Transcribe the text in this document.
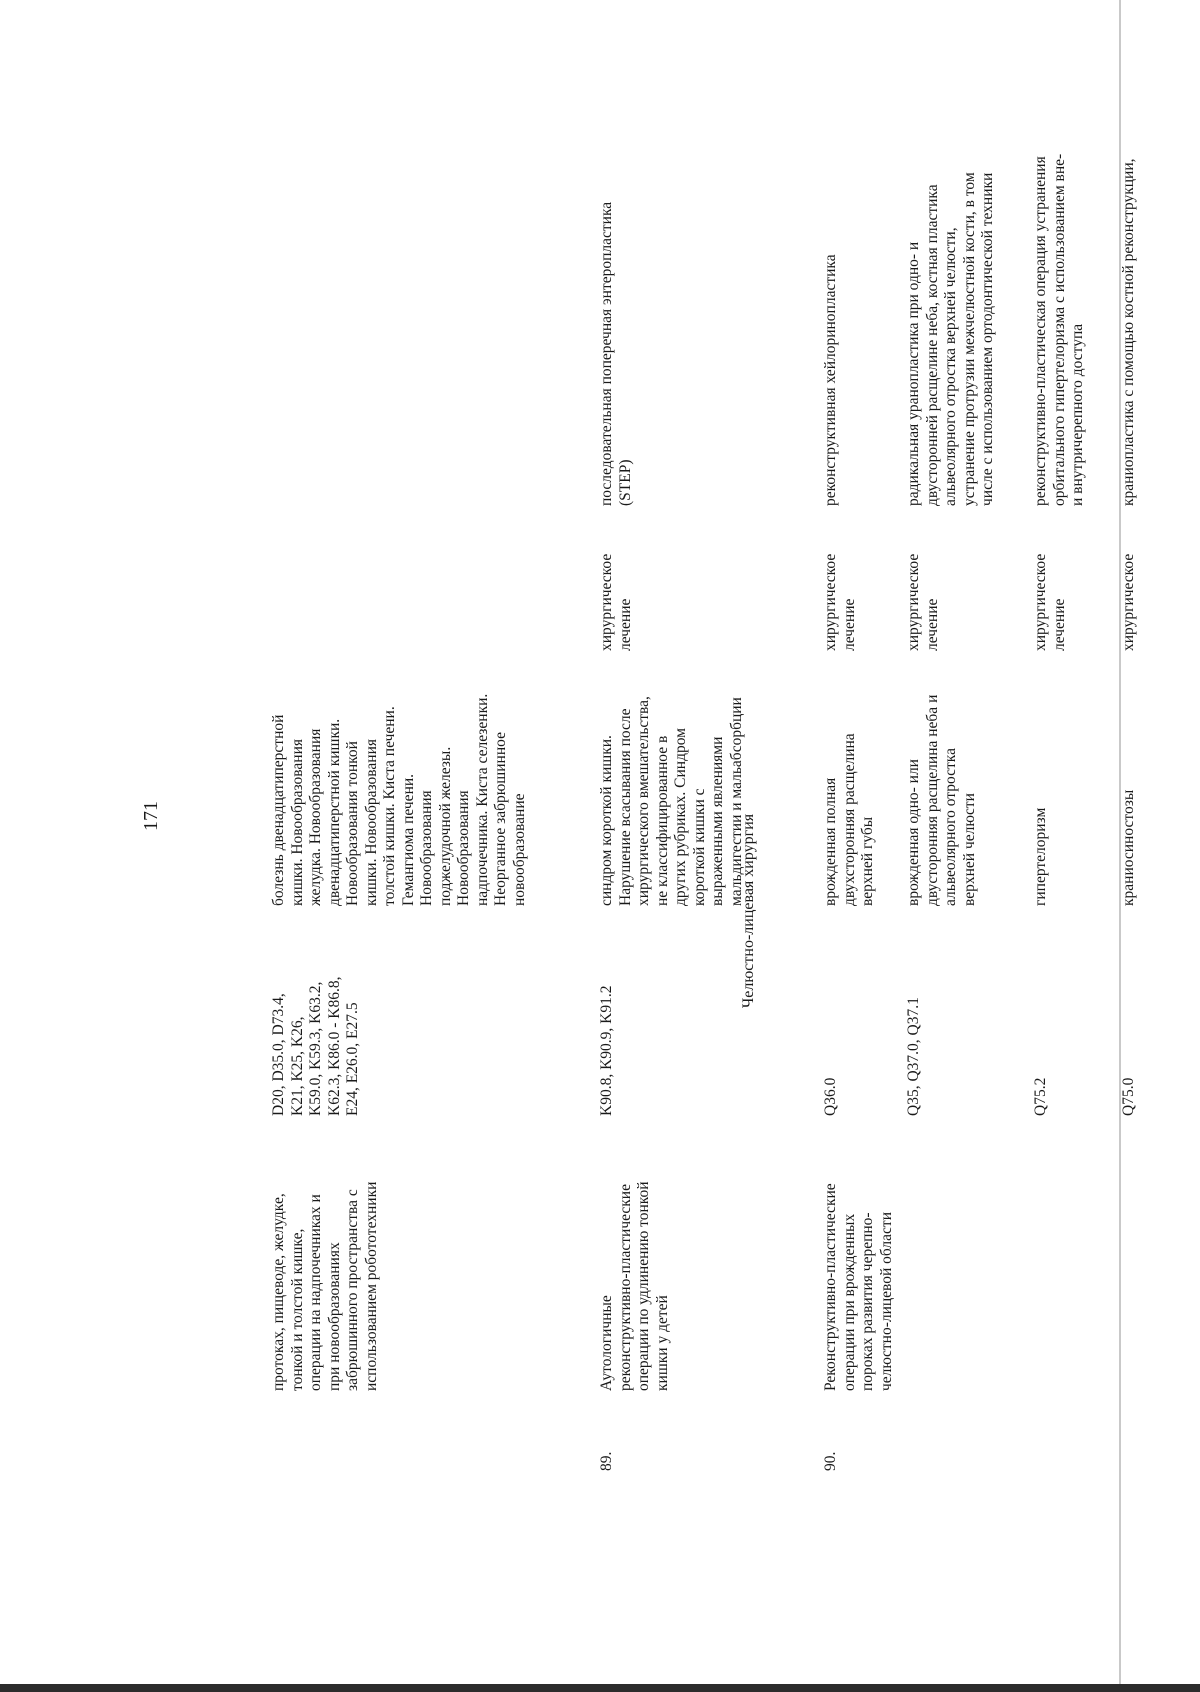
171
протоках, пищеводе, желудке,
тонкой и толстой кишке,
операции на надпочечниках и
при новообразованиях
забрюшинного пространства с
использованием робототехники
D20, D35.0, D73.4,
K21, K25, K26,
K59.0, K59.3, K63.2,
K62.3, K86.0 - K86.8,
E24, E26.0, E27.5
болезнь двенадцатиперстной
кишки. Новообразования
желудка. Новообразования
двенадцатиперстной кишки.
Новообразования тонкой
кишки. Новообразования
толстой кишки. Киста печени.
Гемангиома печени.
Новообразования
поджелудочной железы.
Новообразования
надпочечника. Киста селезенки.
Неорганное забрюшинное
новообразование
89.
Аутологичные
реконструктивно-пластические
операции по удлинению тонкой
кишки у детей
K90.8, K90.9, K91.2
синдром короткой кишки.
Нарушение всасывания после
хирургического вмешательства,
не классифицированное в
других рубриках. Синдром
короткой кишки с
выраженными явлениями
мальдигестии и мальабсорбции
хирургическое
лечение
последовательная поперечная энтеропластика
(STEP)
Челюстно-лицевая хирургия
90.
Реконструктивно-пластические
операции при врожденных
пороках развития черепно-
челюстно-лицевой области
Q36.0
врожденная полная
двухсторонняя расщелина
верхней губы
хирургическое
лечение
реконструктивная хейлоринопластика
Q35, Q37.0, Q37.1
врожденная одно- или
двусторонняя расщелина неба и
альвеолярного отростка
верхней челюсти
хирургическое
лечение
радикальная уранопластика при одно- и
двусторонней расщелине неба, костная пластика
альвеолярного отростка верхней челюсти,
устранение протрузии межчелюстной кости, в том
числе с использованием ортодонтической техники
Q75.2
гипертелоризм
хирургическое
лечение
реконструктивно-пластическая операция устранения
орбитального гипертелоризма с использованием вне-
и внутричерепного доступа
Q75.0
краниосиностозы
хирургическое
краниопластика с помощью костной реконструкции,
